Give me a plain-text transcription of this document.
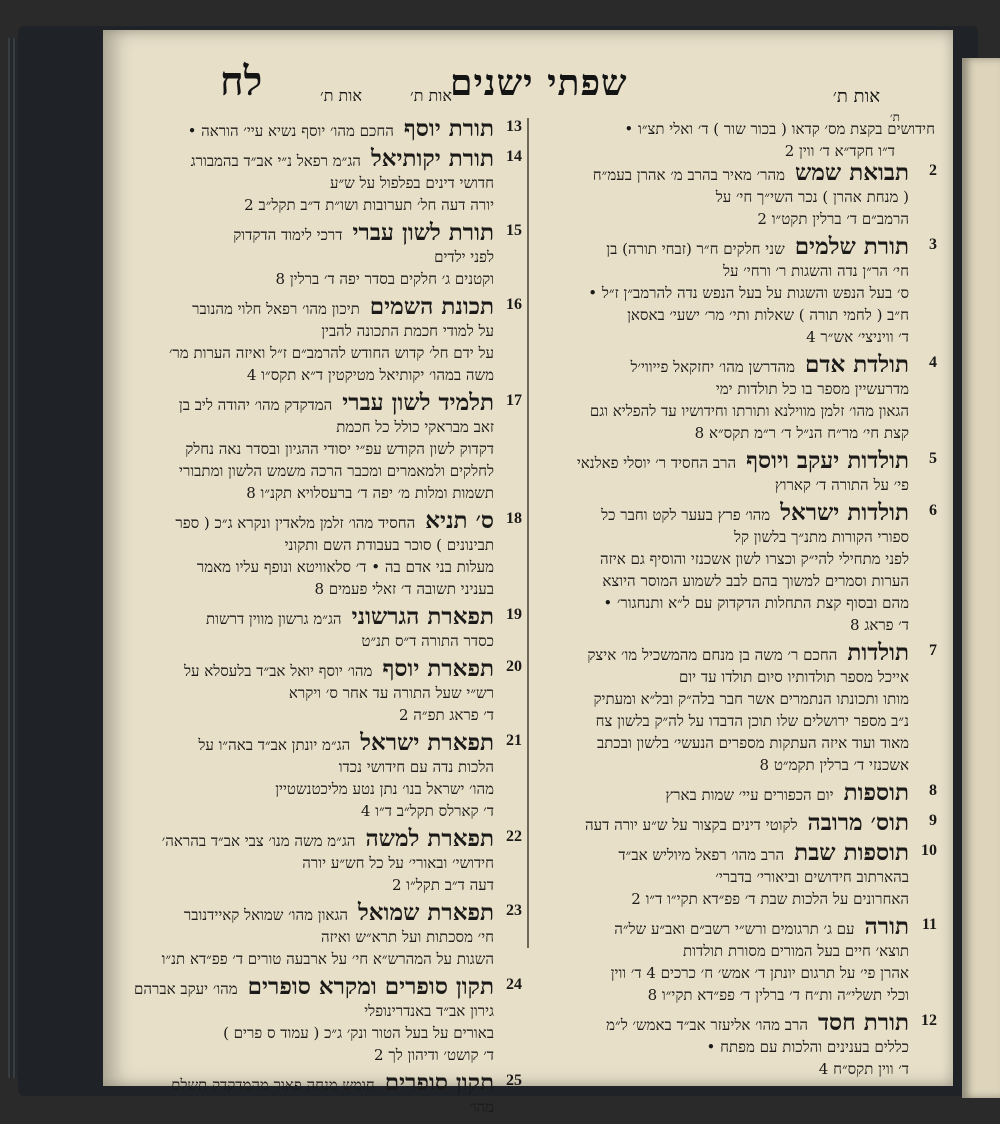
אות ת׳
שפתי ישנים
אות ת׳
אות ת׳
לח
ת׳
חידושים בקצת מס׳ קדאו ( בכור שור ) ד׳ ואלי תצ״ו •
ד״ו חקד״א ד׳ ווין 2
2
תבואת שמשמהר׳ מאיר בהרב מ׳ אהרן בעמ״ח
( מנחת אהרן ) נכר השי״ך חי׳ על
הרמב״ם ד׳ ברלין תקט״ו 2
3
תורת שלמיםשני חלקים ח״ר (זבחי תורה) בן
חי׳ הר״ן נדה והשגות ר׳ ורחי׳ על
ס׳ בעל הנפש והשגות על בעל הנפש נדה להרמב״ן ז״ל •
ח״ב ( לחמי תורה ) שאלות ותי׳ מר׳ ישעי׳ באסאן
ד׳ וויניצי׳ אש״ר 4
4
תולדת אדםמהדרשן מהו׳ יחזקאל פייווי׳ל
מדרעשיין מספר בו כל תולדות ימי
הגאון מהו׳ זלמן מווילנא ותורתו וחידושיו עד להפליא וגם
קצת חי׳ מר״ח הנ״ל ד׳ ר״מ תקס״א 8
5
תולדות יעקב ויוסףהרב החסיד ר׳ יוסלי פאלנאי
פי׳ על התורה ד׳ קארוץ
6
תולדות ישראלמהו׳ פרץ בעער לקט וחבר כל
ספורי הקורות מתנ״ך בלשון קל
לפני מתחילי להי״ק וכצרו לשון אשכנזי והוסיף גם איזה
הערות וסמרים למשוך בהם לבב לשמוע המוסר היוצא
מהם ובסוף קצת התחלות הדקדוק עם ל״א ותנחגור׳ •
ד׳ פראג 8
7
תולדותהחכם ר׳ משה בן מנחם מהמשכיל מו׳ איצק
אייכל מספר תולדותיו סיום תולדו עד יום
מותו ותכונתו הנתמרים אשר חבר בלה״ק ובל״א ומעתיק
נ״ב מספר ירושלים שלו תוכן הדבדו על לה״ק בלשון צח
מאוד ועוד איזה העתקות מספרים הנעשי׳ בלשון ובכתב
אשכנזי ד׳ ברלין תקמ״ט 8
8
תוספותיום הכפורים עיי׳ שמות בארץ
9
תוס׳ מרובהלקוטי דינים בקצור על ש״ע יורה דעה
10
תוספות שבתהרב מהו׳ רפאל מיוליש אב״ד
בהארתוב חידושים וביאורי׳ בדברי׳
האחרונים על הלכות שבת ד׳ פפ״דא תקי״ו ד״ו 2
11
תורהעם ג׳ תרגומים ורש״י רשב״ם ואב״ע של״ה
תוצא׳ חיים בעל המורים מסורת תולדות
אהרן פי׳ על תרגום יונתן ד׳ אמש׳ ח׳ כרכים 4 ד׳ ווין
וכלי תשלי״ה ות״ח ד׳ ברלין ד׳ פפ״דא תקי״ו 8
12
תורת חסדהרב מהו׳ אליעזר אב״ד באמש׳ ל״מ
כללים בענינים והלכות עם מפתח •
ד׳ ווין תקס״ח 4
13
תורת יוסףהחכם מהו׳ יוסף נשיא עיי׳ הוראה •
14
תורת יקותיאלהג״מ רפאל נ״י אב״ד בהמבורג
חדושי דינים בפלפול על ש״ע
יורה דעה חל׳ תערובות ושו״ת ד״ב תקל״ב 2
15
תורת לשון עברידרכי לימוד הדקדוק
לפני ילדים
וקטנים ג׳ חלקים בסדר יפה ד׳ ברלין 8
16
תכונת השמיםתיכון מהו׳ רפאל חלוי מהנובר
על למודי חכמת התכונה להבין
על ידם חל׳ קדוש החודש להרמב״ם ז״ל ואיזה הערות מר׳
משה במהו׳ יקותיאל מטיקטין ד״א תקס״ו 4
17
תלמיד לשון עבריהמדקדק מהו׳ יהודה ליב בן
זאב מבראקי כולל כל חכמת
דקדוק לשון הקודש עפ״י יסודי ההגיון ובסדר נאה נחלק
לחלקים ולמאמרים ומכבר הרכה משמש הלשון ומתבורי
תשמות ומלות מ׳ יפה ד׳ ברעסלויא תקנ״ו 8
18
ס׳ תניאהחסיד מהו׳ זלמן מלאדין ונקרא ג״כ ( ספר
תבינונים ) סוכר בעבודת השם ותקוני
מעלות בני אדם בה • ד׳ סלאוויטא ונופף עליו מאמר
בעניני תשובה ד׳ זאלי פעמים 8
19
תפארת הגרשוניהג״מ גרשון מווין דרשות
כסדר התורה ד״ס תנ״ט
20
תפארת יוסףמהו׳ יוסף יואל אב״ד בלעסלא על
רש״י שעל התורה עד אחר ס׳ ויקרא
ד׳ פראג תפ״ה 2
21
תפארת ישראלהג״מ יונתן אב״ד באה״ו על
הלכות נדה עם חידושי נכדו
מהו׳ ישראל בנו׳ נתן נטע מליכטנשטיין
ד׳ קארלס תקל״ב ד״ו 4
22
תפארת למשההג״מ משה מנו׳ צבי אב״ד בהראה׳
חידושי׳ ובאורי׳ על כל חש״ע יורה
דעה ד״ב תקל״ו 2
23
תפארת שמואלהגאון מהו׳ שמואל קאיידנובר
חי׳ מסכתות ועל תרא״ש ואיזה
השגות על המהרש״א חי׳ על ארבעה טורים ד׳ פפ״דא תנ״ו
24
תקון סופרים ומקרא סופריםמהו׳ יעקב אברהם
גירון אב״ד באנדרינופלי
באורים על בעל הטור ונק׳ ג״כ ( עמוד ס פרים )
ד׳ קושט׳ ודיהון לך 2
25
תקון סופריםחומש מנחה פאור מהמדקדק תשלם
מהו׳
